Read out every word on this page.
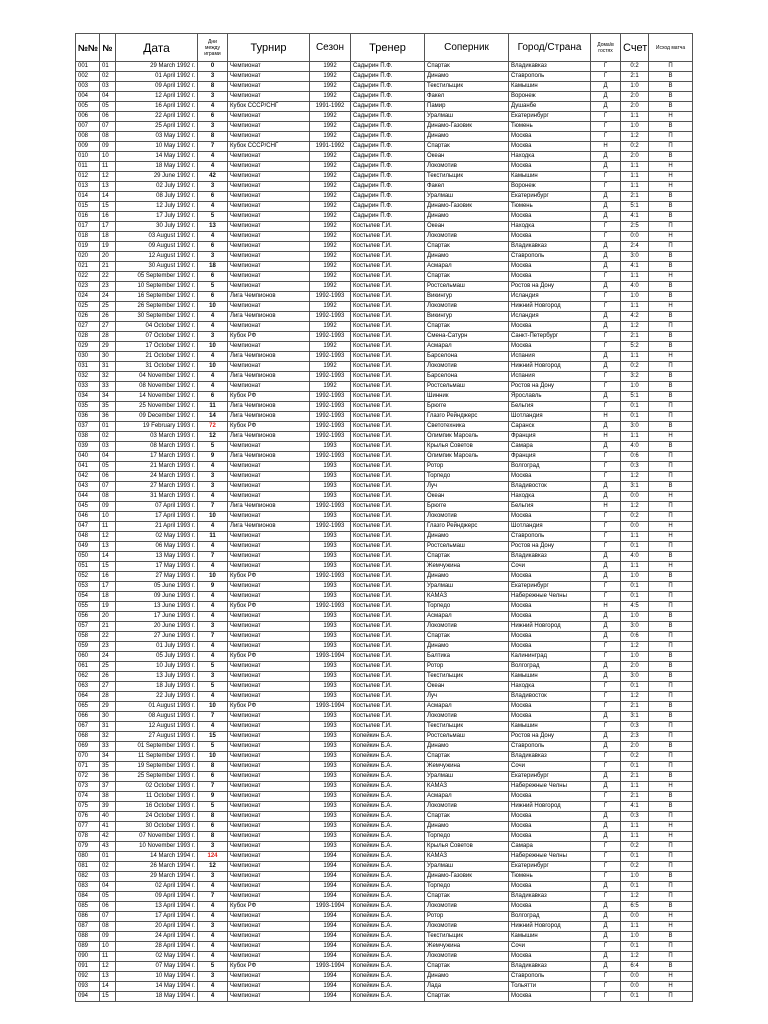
№№	№	Дата	Дни между играми	Турнир	Сезон	Тренер	Соперник	Город/Страна	Дома/в гостях	Счет	Исход матча
001	01	29 March 1992 г.	0	Чемпионат	1992	Садырин П.Ф.	Спартак	Владикавказ	Г	0:2	П
002	02	01 April 1992 г.	3	Чемпионат	1992	Садырин П.Ф.	Динамо	Ставрополь	Г	2:1	В
003	03	09 April 1992 г.	8	Чемпионат	1992	Садырин П.Ф.	Текстильщик	Камышин	Д	1:0	В
004	04	12 April 1992 г.	3	Чемпионат	1992	Садырин П.Ф.	Факел	Воронеж	Д	2:0	В
005	05	16 April 1992 г.	4	Кубок СССР/СНГ	1991-1992	Садырин П.Ф.	Памир	Душанбе	Д	2:0	В
006	06	22 April 1992 г.	6	Чемпионат	1992	Садырин П.Ф.	Уралмаш	Екатеринбург	Г	1:1	Н
007	07	25 April 1992 г.	3	Чемпионат	1992	Садырин П.Ф.	Динамо-Газовик	Тюмень	Г	1:0	В
008	08	03 May 1992 г.	8	Чемпионат	1992	Садырин П.Ф.	Динамо	Москва	Г	1:2	П
009	09	10 May 1992 г.	7	Кубок СССР/СНГ	1991-1992	Садырин П.Ф.	Спартак	Москва	Н	0:2	П
010	10	14 May 1992 г.	4	Чемпионат	1992	Садырин П.Ф.	Океан	Находка	Д	2:0	В
011	11	18 May 1992 г.	4	Чемпионат	1992	Садырин П.Ф.	Локомотив	Москва	Д	1:1	Н
012	12	29 June 1992 г.	42	Чемпионат	1992	Садырин П.Ф.	Текстильщик	Камышин	Г	1:1	Н
013	13	02 July 1992 г.	3	Чемпионат	1992	Садырин П.Ф.	Факел	Воронеж	Г	1:1	Н
014	14	08 July 1992 г.	6	Чемпионат	1992	Садырин П.Ф.	Уралмаш	Екатеринбург	Д	2:1	В
015	15	12 July 1992 г.	4	Чемпионат	1992	Садырин П.Ф.	Динамо-Газовик	Тюмень	Д	5:1	В
016	16	17 July 1992 г.	5	Чемпионат	1992	Садырин П.Ф.	Динамо	Москва	Д	4:1	В
017	17	30 July 1992 г.	13	Чемпионат	1992	Костылев Г.И.	Океан	Находка	Г	2:5	П
018	18	03 August 1992 г.	4	Чемпионат	1992	Костылев Г.И.	Локомотив	Москва	Г	0:0	Н
019	19	09 August 1992 г.	6	Чемпионат	1992	Костылев Г.И.	Спартак	Владикавказ	Д	2:4	П
020	20	12 August 1992 г.	3	Чемпионат	1992	Костылев Г.И.	Динамо	Ставрополь	Д	3:0	В
021	21	30 August 1992 г.	18	Чемпионат	1992	Костылев Г.И.	Асмарал	Москва	Д	4:1	В
022	22	05 September 1992 г.	6	Чемпионат	1992	Костылев Г.И.	Спартак	Москва	Г	1:1	Н
023	23	10 September 1992 г.	5	Чемпионат	1992	Костылев Г.И.	Ростсельмаш	Ростов на Дону	Д	4:0	В
024	24	16 September 1992 г.	6	Лига Чемпионов	1992-1993	Костылев Г.И.	Викингур	Исландия	Г	1:0	В
025	25	26 September 1992 г.	10	Чемпионат	1992	Костылев Г.И.	Локомотив	Нижний Новгород	Г	1:1	Н
026	26	30 September 1992 г.	4	Лига Чемпионов	1992-1993	Костылев Г.И.	Викингур	Исландия	Д	4:2	В
027	27	04 October 1992 г.	4	Чемпионат	1992	Костылев Г.И.	Спартак	Москва	Д	1:2	П
028	28	07 October 1992 г.	3	Кубок РФ	1992-1993	Костылев Г.И.	Смена-Сатурн	Санкт-Петербург	Г	2:1	В
029	29	17 October 1992 г.	10	Чемпионат	1992	Костылев Г.И.	Асмарал	Москва	Г	5:2	В
030	30	21 October 1992 г.	4	Лига Чемпионов	1992-1993	Костылев Г.И.	Барселона	Испания	Д	1:1	Н
031	31	31 October 1992 г.	10	Чемпионат	1992	Костылев Г.И.	Локомотив	Нижний Новгород	Д	0:2	П
032	32	04 November 1992 г.	4	Лига Чемпионов	1992-1993	Костылев Г.И.	Барселона	Испания	Г	3:2	В
033	33	08 November 1992 г.	4	Чемпионат	1992	Костылев Г.И.	Ростсельмаш	Ростов на Дону	Г	1:0	В
034	34	14 November 1992 г.	6	Кубок РФ	1992-1993	Костылев Г.И.	Шинник	Ярославль	Д	5:1	В
035	35	25 November 1992 г.	11	Лига Чемпионов	1992-1993	Костылев Г.И.	Брюгге	Бельгия	Г	0:1	П
036	36	09 December 1992 г.	14	Лига Чемпионов	1992-1993	Костылев Г.И.	Глазго Рейнджерс	Шотландия	Н	0:1	П
037	01	19 February 1993 г.	72	Кубок РФ	1992-1993	Костылев Г.И.	Светотехника	Саранск	Д	3:0	В
038	02	03 March 1993 г.	12	Лига Чемпионов	1992-1993	Костылев Г.И.	Олимпик Марсель	Франция	Н	1:1	Н
039	03	08 March 1993 г.	5	Чемпионат	1993	Костылев Г.И.	Крылья Советов	Самара	Д	4:0	В
040	04	17 March 1993 г.	9	Лига Чемпионов	1992-1993	Костылев Г.И.	Олимпик Марсель	Франция	Г	0:6	П
041	05	21 March 1993 г.	4	Чемпионат	1993	Костылев Г.И.	Ротор	Волгоград	Г	0:3	П
042	06	24 March 1993 г.	3	Чемпионат	1993	Костылев Г.И.	Торпедо	Москва	Г	1:2	П
043	07	27 March 1993 г.	3	Чемпионат	1993	Костылев Г.И.	Луч	Владивосток	Д	3:1	В
044	08	31 March 1993 г.	4	Чемпионат	1993	Костылев Г.И.	Океан	Находка	Д	0:0	Н
045	09	07 April 1993 г.	7	Лига Чемпионов	1992-1993	Костылев Г.И.	Брюгге	Бельгия	Н	1:2	П
046	10	17 April 1993 г.	10	Чемпионат	1993	Костылев Г.И.	Локомотив	Москва	Г	0:2	П
047	11	21 April 1993 г.	4	Лига Чемпионов	1992-1993	Костылев Г.И.	Глазго Рейнджерс	Шотландия	Г	0:0	Н
048	12	02 May 1993 г.	11	Чемпионат	1993	Костылев Г.И.	Динамо	Ставрополь	Г	1:1	Н
049	13	06 May 1993 г.	4	Чемпионат	1993	Костылев Г.И.	Ростсельмаш	Ростов на Дону	Г	0:1	П
050	14	13 May 1993 г.	7	Чемпионат	1993	Костылев Г.И.	Спартак	Владикавказ	Д	4:0	В
051	15	17 May 1993 г.	4	Чемпионат	1993	Костылев Г.И.	Жемчужина	Сочи	Д	1:1	Н
052	16	27 May 1993 г.	10	Кубок РФ	1992-1993	Костылев Г.И.	Динамо	Москва	Д	1:0	В
053	17	05 June 1993 г.	9	Чемпионат	1993	Костылев Г.И.	Уралмаш	Екатеринбург	Г	0:1	П
054	18	09 June 1993 г.	4	Чемпионат	1993	Костылев Г.И.	КАМАЗ	Набережные Челны	Г	0:1	П
055	19	13 June 1993 г.	4	Кубок РФ	1992-1993	Костылев Г.И.	Торпедо	Москва	Н	4:5	П
056	20	17 June 1993 г.	4	Чемпионат	1993	Костылев Г.И.	Асмарал	Москва	Д	1:0	В
057	21	20 June 1993 г.	3	Чемпионат	1993	Костылев Г.И.	Локомотив	Нижний Новгород	Д	3:0	В
058	22	27 June 1993 г.	7	Чемпионат	1993	Костылев Г.И.	Спартак	Москва	Д	0:6	П
059	23	01 July 1993 г.	4	Чемпионат	1993	Костылев Г.И.	Динамо	Москва	Г	1:2	П
060	24	05 July 1993 г.	4	Кубок РФ	1993-1994	Костылев Г.И.	Балтика	Калининград	Г	1:0	В
061	25	10 July 1993 г.	5	Чемпионат	1993	Костылев Г.И.	Ротор	Волгоград	Д	2:0	В
062	26	13 July 1993 г.	3	Чемпионат	1993	Костылев Г.И.	Текстильщик	Камышин	Д	3:0	В
063	27	18 July 1993 г.	5	Чемпионат	1993	Костылев Г.И.	Океан	Находка	Г	0:1	П
064	28	22 July 1993 г.	4	Чемпионат	1993	Костылев Г.И.	Луч	Владивосток	Г	1:2	П
065	29	01 August 1993 г.	10	Кубок РФ	1993-1994	Костылев Г.И.	Асмарал	Москва	Г	2:1	В
066	30	08 August 1993 г.	7	Чемпионат	1993	Костылев Г.И.	Локомотив	Москва	Д	3:1	В
067	31	12 August 1993 г.	4	Чемпионат	1993	Костылев Г.И.	Текстильщик	Камышин	Г	0:3	П
068	32	27 August 1993 г.	15	Чемпионат	1993	Копейкин Б.А.	Ростсельмаш	Ростов на Дону	Д	2:3	П
069	33	01 September 1993 г.	5	Чемпионат	1993	Копейкин Б.А.	Динамо	Ставрополь	Д	2:0	В
070	34	11 September 1993 г.	10	Чемпионат	1993	Копейкин Б.А.	Спартак	Владикавказ	Г	0:2	П
071	35	19 September 1993 г.	8	Чемпионат	1993	Копейкин Б.А.	Жемчужина	Сочи	Г	0:1	П
072	36	25 September 1993 г.	6	Чемпионат	1993	Копейкин Б.А.	Уралмаш	Екатеринбург	Д	2:1	В
073	37	02 October 1993 г.	7	Чемпионат	1993	Копейкин Б.А.	КАМАЗ	Набережные Челны	Д	1:1	Н
074	38	11 October 1993 г.	9	Чемпионат	1993	Копейкин Б.А.	Асмарал	Москва	Г	2:1	В
075	39	16 October 1993 г.	5	Чемпионат	1993	Копейкин Б.А.	Локомотив	Нижний Новгород	Г	4:1	В
076	40	24 October 1993 г.	8	Чемпионат	1993	Копейкин Б.А.	Спартак	Москва	Д	0:3	П
077	41	30 October 1993 г.	6	Чемпионат	1993	Копейкин Б.А.	Динамо	Москва	Д	1:1	Н
078	42	07 November 1993 г.	8	Чемпионат	1993	Копейкин Б.А.	Торпедо	Москва	Д	1:1	Н
079	43	10 November 1993 г.	3	Чемпионат	1993	Копейкин Б.А.	Крылья Советов	Самара	Г	0:2	П
080	01	14 March 1994 г.	124	Чемпионат	1994	Копейкин Б.А.	КАМАЗ	Набережные Челны	Г	0:1	П
081	02	26 March 1994 г.	12	Чемпионат	1994	Копейкин Б.А.	Уралмаш	Екатеринбург	Г	0:2	П
082	03	29 March 1994 г.	3	Чемпионат	1994	Копейкин Б.А.	Динамо-Газовик	Тюмень	Г	1:0	В
083	04	02 April 1994 г.	4	Чемпионат	1994	Копейкин Б.А.	Торпедо	Москва	Д	0:1	П
084	05	09 April 1994 г.	7	Чемпионат	1994	Копейкин Б.А.	Спартак	Владикавказ	Г	1:2	П
085	06	13 April 1994 г.	4	Кубок РФ	1993-1994	Копейкин Б.А.	Локомотив	Москва	Д	6:5	В
086	07	17 April 1994 г.	4	Чемпионат	1994	Копейкин Б.А.	Ротор	Волгоград	Д	0:0	Н
087	08	20 April 1994 г.	3	Чемпионат	1994	Копейкин Б.А.	Локомотив	Нижний Новгород	Д	1:1	Н
088	09	24 April 1994 г.	4	Чемпионат	1994	Копейкин Б.А.	Текстильщик	Камышин	Д	1:0	В
089	10	28 April 1994 г.	4	Чемпионат	1994	Копейкин Б.А.	Жемчужина	Сочи	Г	0:1	П
090	11	02 May 1994 г.	4	Чемпионат	1994	Копейкин Б.А.	Локомотив	Москва	Д	1:2	П
091	12	07 May 1994 г.	5	Кубок РФ	1993-1994	Копейкин Б.А.	Спартак	Владикавказ	Д	6:4	В
092	13	10 May 1994 г.	3	Чемпионат	1994	Копейкин Б.А.	Динамо	Ставрополь	Г	0:0	Н
093	14	14 May 1994 г.	4	Чемпионат	1994	Копейкин Б.А.	Лада	Тольятти	Г	0:0	Н
094	15	18 May 1994 г.	4	Чемпионат	1994	Копейкин Б.А.	Спартак	Москва	Г	0:1	П
